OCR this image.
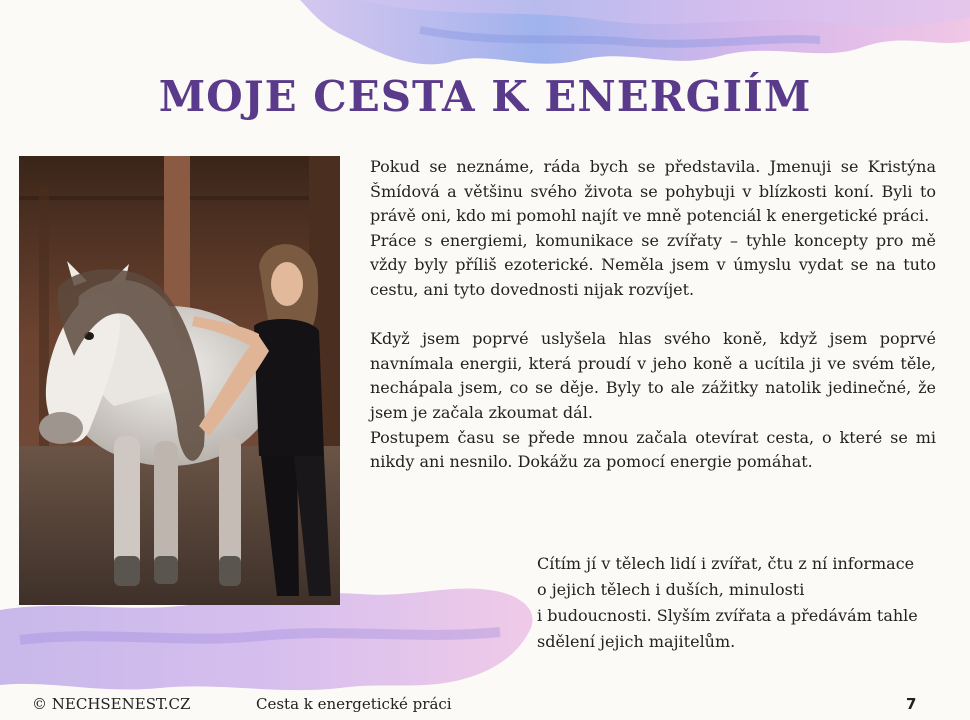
MOJE CESTA K ENERGIÍM

Pokud se neznáme, ráda bych se představila. Jmenuji se Kristýna Šmídová a většinu svého života se pohybuji v blízkosti koní. Byli to právě oni, kdo mi pomohl najít ve mně potenciál k energetické práci.

Práce s energiemi, komunikace se zvířaty – tyhle koncepty pro mě vždy byly příliš ezoterické. Neměla jsem v úmyslu vydat se na tuto cestu, ani tyto dovednosti nijak rozvíjet.

Když jsem poprvé uslyšela hlas svého koně, když jsem poprvé navnímala energii, která proudí v jeho koně a ucítila ji ve svém těle, nechápala jsem, co se děje. Byly to ale zážitky natolik jedinečné, že jsem je začala zkoumat dál.

Postupem času se přede mnou začala otevírat cesta, o které se mi nikdy ani nesnilo. Dokážu za pomocí energie pomáhat.

Cítím jí v tělech lidí i zvířat, čtu z ní informace
o jejich tělech i duších, minulosti
i budoucnosti. Slyším zvířata a předávám tahle
sdělení jejich majitelům.
© NECHSENEST.CZ	Cesta k energetické práci	7
